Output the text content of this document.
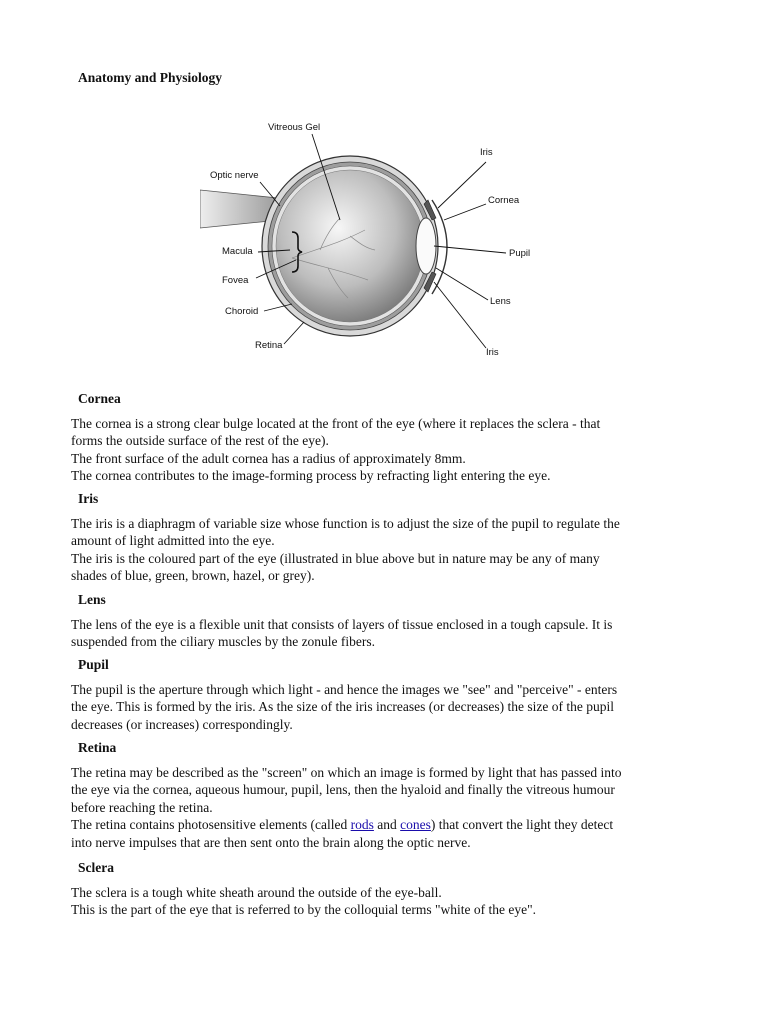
Anatomy and Physiology
Vitreous Gel
Optic nerve
Macula
Fovea
Choroid
Retina
Iris
Cornea
Pupil
Lens
Iris
Cornea

The cornea is a strong clear bulge located at the front of the eye (where it replaces the sclera - that
forms the outside surface of the rest of the eye).
The front surface of the adult cornea has a radius of approximately 8mm.
The cornea contributes to the image-forming process by refracting light entering the eye.

Iris

The iris is a diaphragm of variable size whose function is to adjust the size of the pupil to regulate the
amount of light admitted into the eye.
The iris is the coloured part of the eye (illustrated in blue above but in nature may be any of many
shades of blue, green, brown, hazel, or grey).

Lens

The lens of the eye is a flexible unit that consists of layers of tissue enclosed in a tough capsule. It is
suspended from the ciliary muscles by the zonule fibers.

Pupil

The pupil is the aperture through which light - and hence the images we "see" and "perceive" - enters
the eye. This is formed by the iris. As the size of the iris increases (or decreases) the size of the pupil
decreases (or increases) correspondingly.

Retina

The retina may be described as the "screen" on which an image is formed by light that has passed into
the eye via the cornea, aqueous humour, pupil, lens, then the hyaloid and finally the vitreous humour
before reaching the retina.
The retina contains photosensitive elements (called rods and cones) that convert the light they detect
into nerve impulses that are then sent onto the brain along the optic nerve.

Sclera

The sclera is a tough white sheath around the outside of the eye-ball.
This is the part of the eye that is referred to by the colloquial terms "white of the eye".
